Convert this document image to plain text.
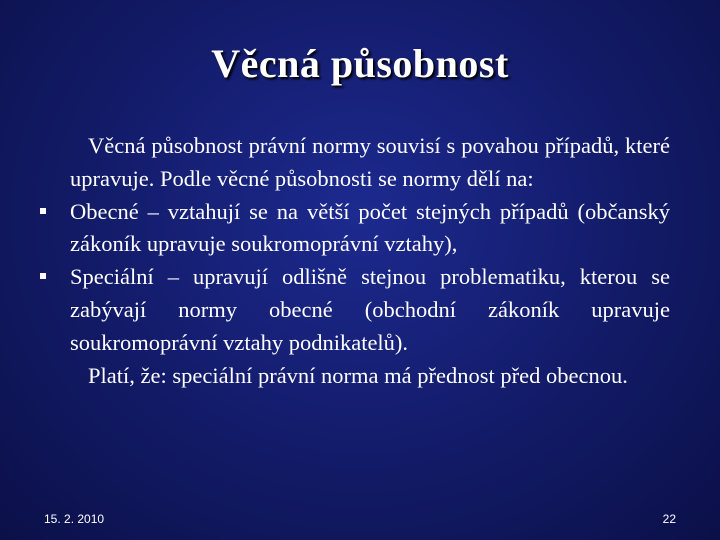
Věcná působnost

Věcná působnost právní normy souvisí s povahou případů, které upravuje. Podle věcné působnosti se normy dělí na:

Obecné – vztahují se na větší počet stejných případů (občanský zákoník upravuje soukromoprávní vztahy),
Speciální – upravují odlišně stejnou problematiku, kterou se zabývají normy obecné (obchodní zákoník upravuje soukromoprávní vztahy podnikatelů).

Platí, že: speciální právní norma má přednost před obecnou.

15. 2. 2010	22
